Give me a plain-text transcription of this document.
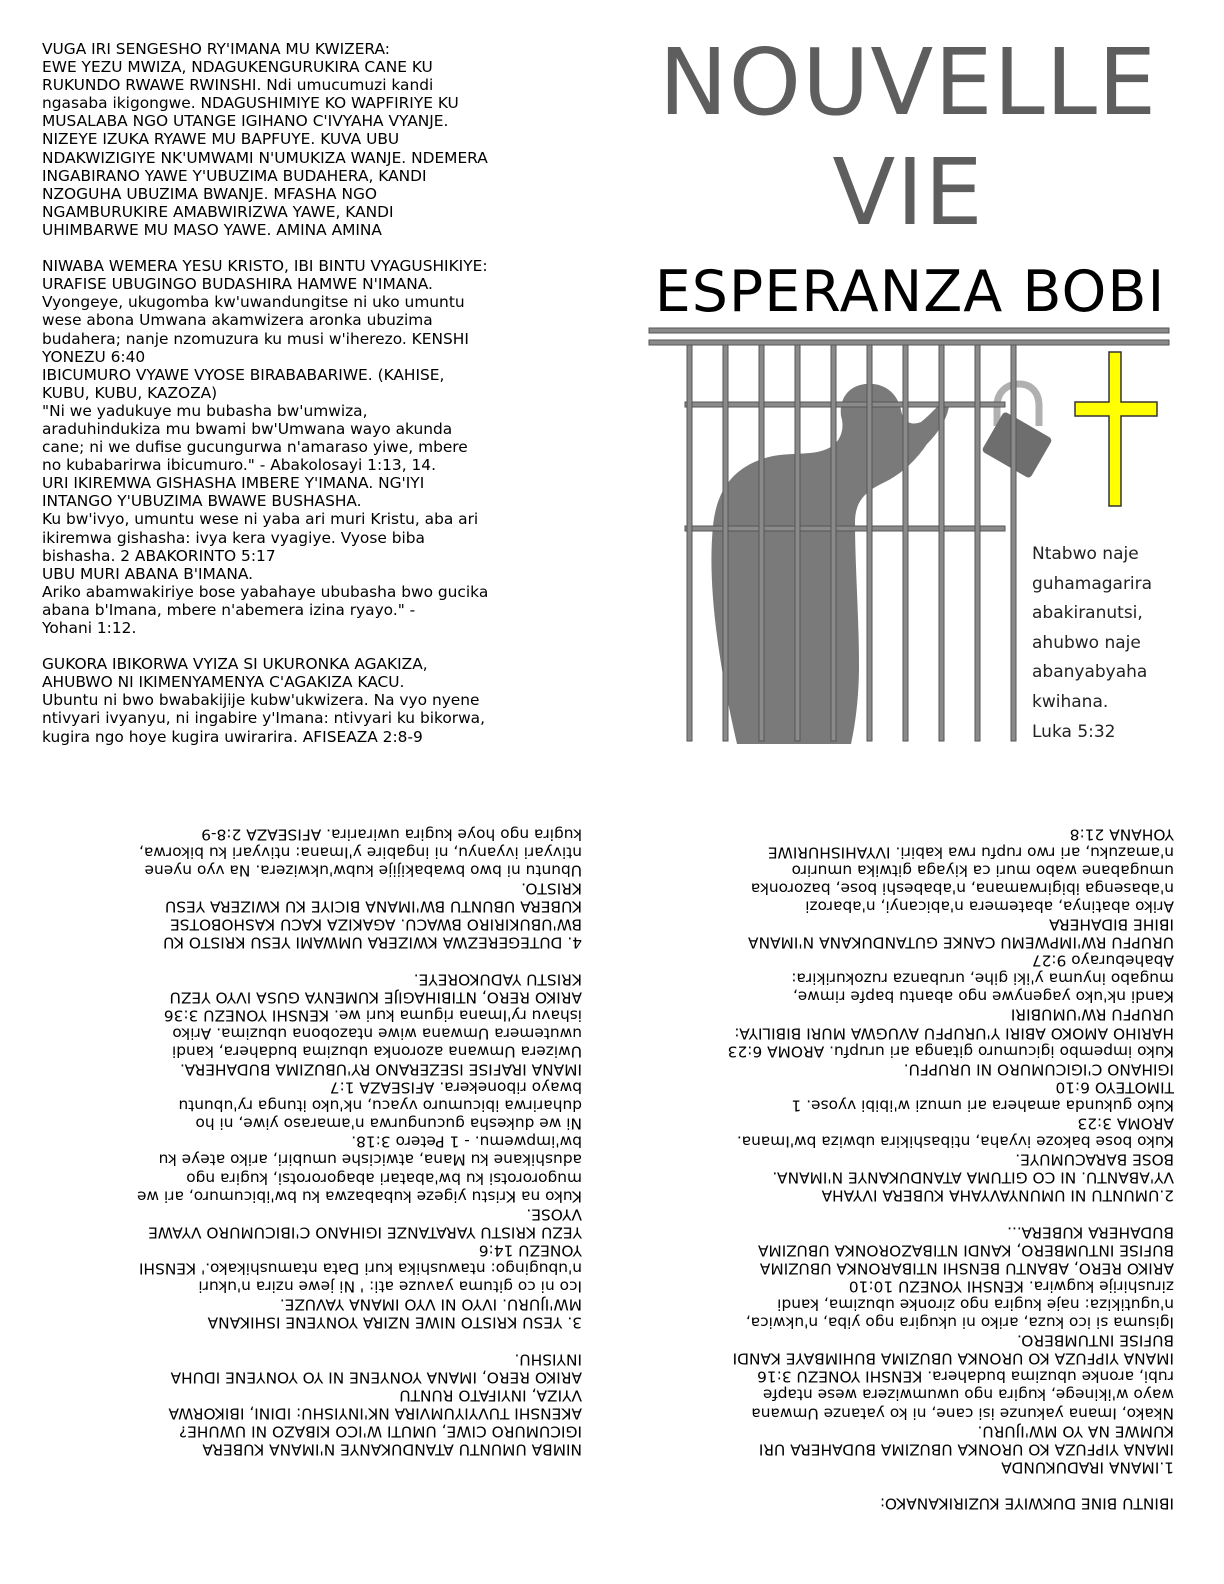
VUGA IRI SENGESHO RY'IMANA MU KWIZERA:
EWE YEZU MWIZA, NDAGUKENGURUKIRA CANE KU
RUKUNDO RWAWE RWINSHI. Ndi umucumuzi kandi
ngasaba ikigongwe. NDAGUSHIMIYE KO WAPFIRIYE KU
MUSALABA NGO UTANGE IGIHANO C'IVYAHA VYANJE.
NIZEYE IZUKA RYAWE MU BAPFUYE. KUVA UBU
NDAKWIZIGIYE NK'UMWAMI N'UMUKIZA WANJE. NDEMERA
INGABIRANO YAWE Y'UBUZIMA BUDAHERA, KANDI
NZOGUHA UBUZIMA BWANJE. MFASHA NGO
NGAMBURUKIRE AMABWIRIZWA YAWE, KANDI
UHIMBARWE MU MASO YAWE. AMINA AMINA

NIWABA WEMERA YESU KRISTO, IBI BINTU VYAGUSHIKIYE:
URAFISE UBUGINGO BUDASHIRA HAMWE N'IMANA.
Vyongeye, ukugomba kw'uwandungitse ni uko umuntu
wese abona Umwana akamwizera aronka ubuzima
budahera; nanje nzomuzura ku musi w'iherezo. KENSHI
YONEZU 6:40
IBICUMURO VYAWE VYOSE BIRABABARIWE. (KAHISE,
KUBU, KUBU, KAZOZA)
"Ni we yadukuye mu bubasha bw'umwiza,
araduhindukiza mu bwami bw'Umwana wayo akunda
cane; ni we dufise gucungurwa n'amaraso yiwe, mbere
no kubabarirwa ibicumuro." - Abakolosayi 1:13, 14.
URI IKIREMWA GISHASHA IMBERE Y'IMANA. NG'IYI
INTANGO Y'UBUZIMA BWAWE BUSHASHA.
Ku bw'ivyo, umuntu wese ni yaba ari muri Kristu, aba ari
ikiremwa gishasha: ivya kera vyagiye. Vyose biba
bishasha. 2 ABAKORINTO 5:17
UBU MURI ABANA B'IMANA.
Ariko abamwakiriye bose yabahaye ububasha bwo gucika
abana b'Imana, mbere n'abemera izina ryayo." -
Yohani 1:12.

GUKORA IBIKORWA VYIZA SI UKURONKA AGAKIZA,
AHUBWO NI IKIMENYAMENYA C'AGAKIZA KACU.
Ubuntu ni bwo bwabakijije kubw'ukwizera. Na vyo nyene
ntivyari ivyanyu, ni ingabire y'Imana: ntivyari ku bikorwa,
kugira ngo hoye kugira uwirarira. AFISEAZA 2:8-9
NOUVELLE
VIE
ESPERANZA BOBI
Ntabwo naje
guhamagarira
abakiranutsi,
ahubwo naje
abanyabyaha
kwihana.
Luka 5:32
NIMBA UMUNTU ATANDUKANYE N'IMANA KUBERA
IGICUMURO CIWE, UMUTI W'ICO KIBAZO NI UWUHE?
AKENSHI TUVYIYUMVIRA NK'INYISHU: IDINI, IBIKORWA
VYIZA, INYIFATO RUNTU
ARIKO RERO, IMANA YONYENE NI YO YONYENE IDUHA
INYISHU.

3. YESU KRISTO NIWE NZIRA YONYENE ISHIKANA
MW'IJURU. IVYO NI VYO IMANA YAVUZE.
Ico ni co gituma yavuze ati: ' Ni jewe nzira n'ukuri
n'ubugingo: ntawushika kuri Data ntamushikako.' KENSHI
YONEZU 14:6
YEZU KRISTU YARATANZE IGIHANO C'IBICUMURO VYAWE
VYOSE.
Kuko na Kristu yigeze kubabazwa ku bw'ibicumuro, ari we
mugororotsi ku bw'abatari abagororotsi, kugira ngo
adushikane ku Mana, atwicishe umubiri, ariko ateye ku
bw'impwemu. - 1 Petero 3:18.
Ni we dukesha gucungurwa n'amaraso yiwe, ni ho
duharirwa ibicumuro vyacu, nk'uko itunga ry'ubuntu
bwayo ribonekera. AFISEAZA 1:7
IMANA IRAFISE ISEZERANO RY'UBUZIMA BUDAHERA.
Uwizera Umwana azoronka ubuzima budahera, kandi
uwutemera Umwana wiwe ntazobona ubuzima. Ariko
ishavu ry'Imana riguma kuri we. KENSHI YONEZU 3:36
ARIKO RERO, NTIBIHAGIJE KUMENYA GUSA IVYO YEZU
KRISTU YADUKOREYE.

4. DUTEGEREZWA KWIZERA UMWAMI YESU KRISTO KU
BW'UBUKIRIRO BWACU. AGAKIZA KACU KASHOBOTSE
KUBERA UBUNTU BW'IMANA BICIYE KU KWIZERA YESU
KRISTO.
Ubuntu ni bwo bwabakijije kubw'ukwizera. Na vyo nyene
ntivyari ivyanyu, ni ingabire y'Imana: ntivyari ku bikorwa,
kugira ngo hoye kugira uwirarira. AFISEAZA 2:8-9
IBINTU BINE DUKWIYE KUZIRIKANAKO:

1.IMANA IRADUKUNDA
IMANA YIPFUZA KO URONKA UBUZIMA BUDAHERA URI
KUMWE NA YO MW'IJURU.
Nkako, Imana yakunze isi cane, ni ko yatanze Umwana
wayo w'ikinege, kugira ngo uwumwizera wese ntapfe
rubi, aronke ubuzima budahera. KENSHI YONEZU 3:16
IMANA YIPFUZA KO URONKA UBUZIMA BUHIMBAYE KANDI
BUFISE INTUMBERO.
Igisuma si ico kuza, ariko ni ukugira ngo yiba, n'ukwica,
n'ugutikiza: naje kugira ngo zironke ubuzima, kandi
zirushirije kugwira. KENSHI YONEZU 10:10
ARIKO RERO, ABANTU BENSHI NTIBARONKA UBUZIMA
BUFISE INTUMBERO, KANDI NTIBAZORONKA UBUZIMA
BUDAHERA KUBERA...

2.UMUNTU NI UMUNYAVYAHA KUBERA IVYAHA
VY'ABANTU. NI CO GITUMA ATANDUKANYE N'IMANA.
BOSE BARACUMUYE.
Kuko bose bakoze ivyaha, ntibashikira ubwiza bw'Imana.
AROMA 3:23
Kuko gukunda amahera ari umuzi w'ibibi vyose. 1
TIMOTEYO 6:10
IGIHANO C'IGICUMURO NI URUPFU.
Kuko impembo igicumuro gitanga ari urupfu. AROMA 6:23
HARIHO AMOKO ABIRI Y'URUPFU AVUGWA MURI BIBILIYA:
URUPFU RW'UMUBIRI
Kandi nk'uko yagenywe ngo abantu bapfe rimwe,
mugabo inyuma y'iki gihe, urubanza ruzokurikira:
Abaheburayo 9:27
URUPFU RW'IMPWEMU CANKE GUTANDUKANA N'IMANA
IBIHE BIDAHERA
Ariko abatinya, abatemera n'abicanyi, n'abarozi
n'abasenga ibigirwamana, n'ababeshi bose, bazoronka
umugabane wabo muri ca kiyaga gitwika umuriro
n'amazuku, ari rwo rupfu rwa kabiri. IVYAHISHURIWE
YOHANA 21:8
